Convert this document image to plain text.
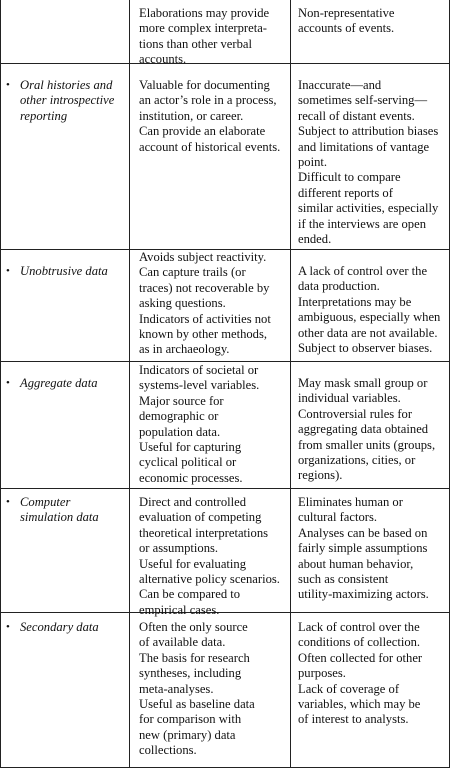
Elaborations may provide
more complex interpreta-
tions than other verbal
accounts.
Non-representative
accounts of events.
• Oral histories and
other introspective
reporting
Valuable for documenting
an actor’s role in a process,
institution, or career.
Can provide an elaborate
account of historical events.
Inaccurate—and
sometimes self-serving—
recall of distant events.
Subject to attribution biases
and limitations of vantage
point.
Difficult to compare
different reports of
similar activities, especially
if the interviews are open
ended.
• Unobtrusive data
Avoids subject reactivity.
Can capture trails (or
traces) not recoverable by
asking questions.
Indicators of activities not
known by other methods,
as in archaeology.
A lack of control over the
data production.
Interpretations may be
ambiguous, especially when
other data are not available.
Subject to observer biases.
• Aggregate data
Indicators of societal or
systems-level variables.
Major source for
demographic or
population data.
Useful for capturing
cyclical political or
economic processes.
May mask small group or
individual variables.
Controversial rules for
aggregating data obtained
from smaller units (groups,
organizations, cities, or
regions).
• Computer
simulation data
Direct and controlled
evaluation of competing
theoretical interpretations
or assumptions.
Useful for evaluating
alternative policy scenarios.
Can be compared to
empirical cases.
Eliminates human or
cultural factors.
Analyses can be based on
fairly simple assumptions
about human behavior,
such as consistent
utility-maximizing actors.
• Secondary data	Often the only source
of available data.
The basis for research
syntheses, including
meta-analyses.
Useful as baseline data
for comparison with
new (primary) data
collections.
Lack of control over the
conditions of collection.
Often collected for other
purposes.
Lack of coverage of
variables, which may be
of interest to analysts.
